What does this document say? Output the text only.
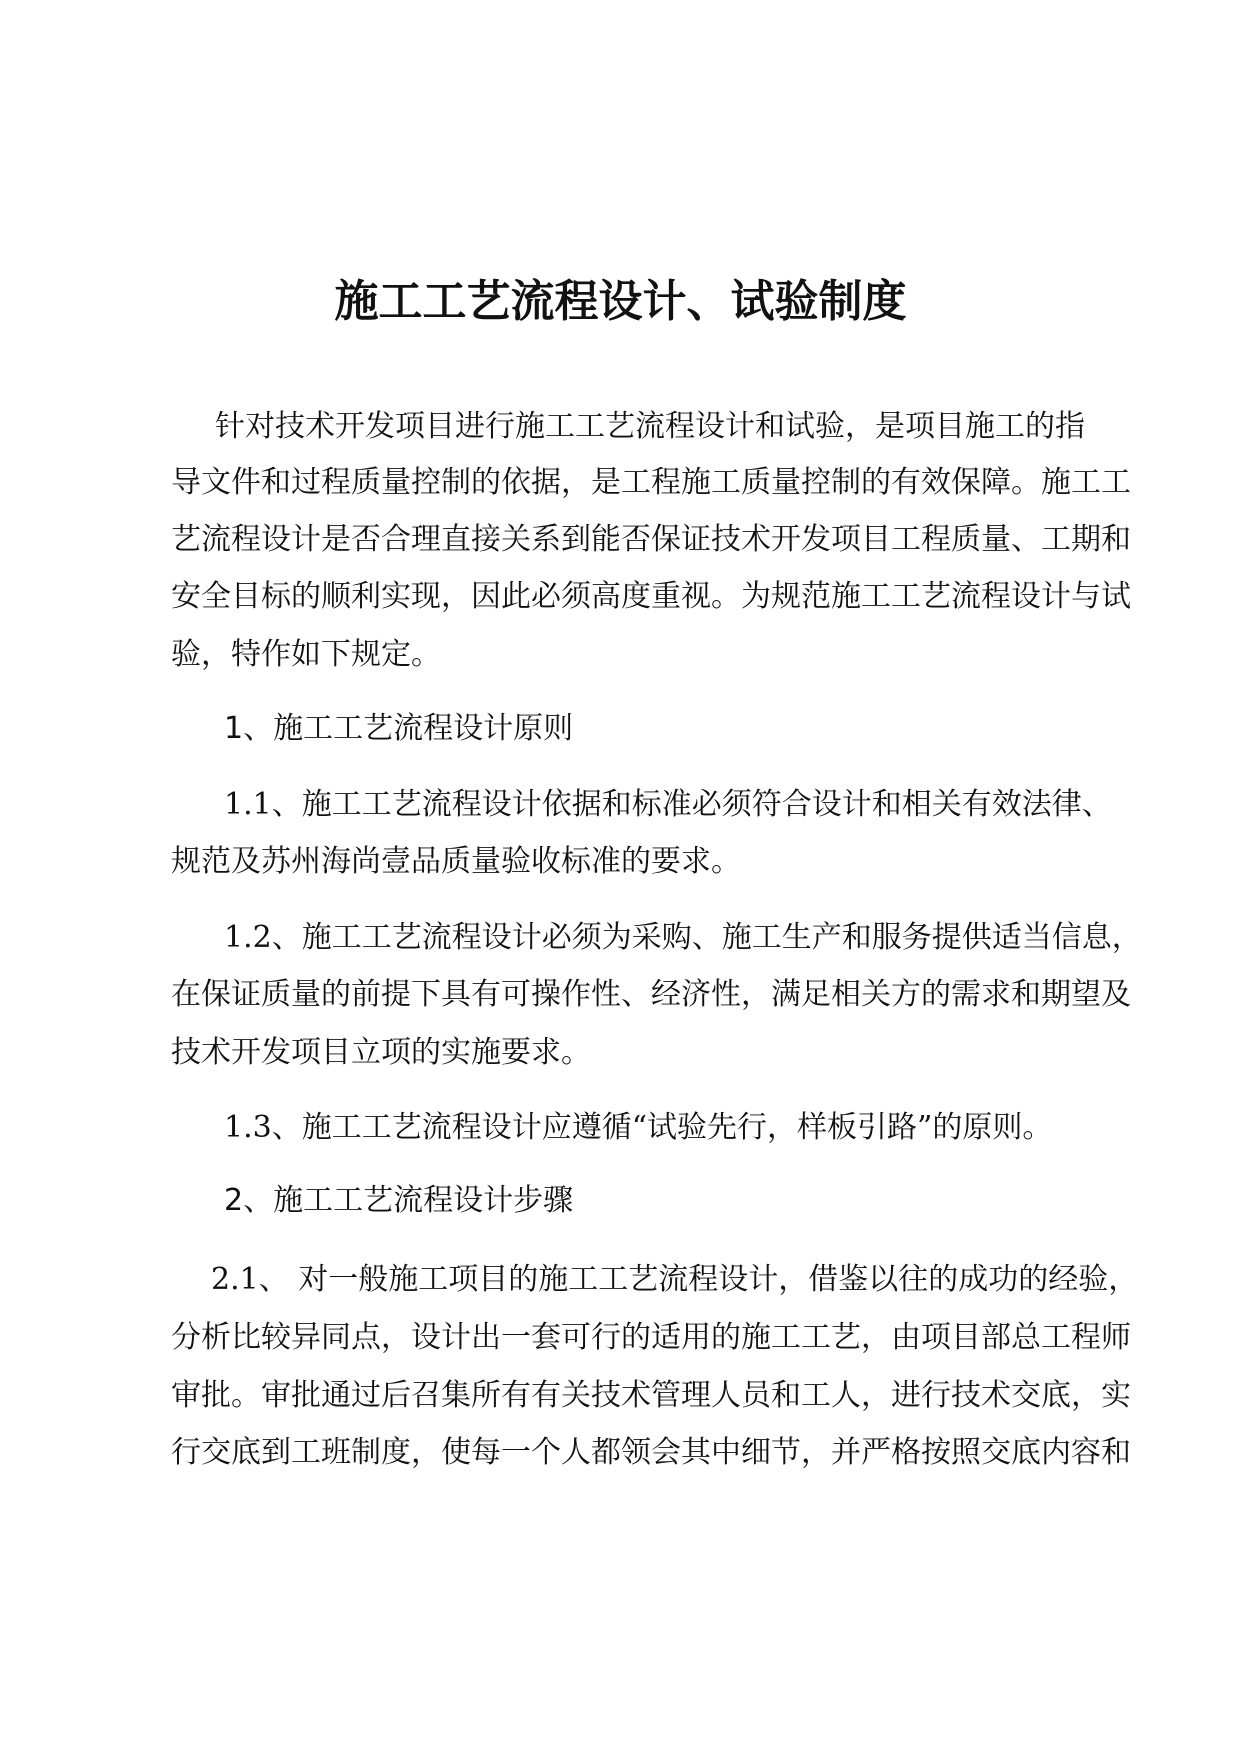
施工工艺流程设计、试验制度
针对技术开发项目进行施工工艺流程设计和试验，是项目施工的指
导文件和过程质量控制的依据，是工程施工质量控制的有效保障。施工工
艺流程设计是否合理直接关系到能否保证技术开发项目工程质量、工期和
安全目标的顺利实现，因此必须高度重视。为规范施工工艺流程设计与试
验，特作如下规定。
1、施工工艺流程设计原则
1.1、施工工艺流程设计依据和标准必须符合设计和相关有效法律、
规范及苏州海尚壹品质量验收标准的要求。
1.2、施工工艺流程设计必须为采购、施工生产和服务提供适当信息，
在保证质量的前提下具有可操作性、经济性，满足相关方的需求和期望及
技术开发项目立项的实施要求。
1.3、施工工艺流程设计应遵循“试验先行，样板引路”的原则。
2、施工工艺流程设计步骤
2.1、 对一般施工项目的施工工艺流程设计，借鉴以往的成功的经验，
分析比较异同点，设计出一套可行的适用的施工工艺，由项目部总工程师
审批。审批通过后召集所有有关技术管理人员和工人，进行技术交底，实
行交底到工班制度，使每一个人都领会其中细节，并严格按照交底内容和
